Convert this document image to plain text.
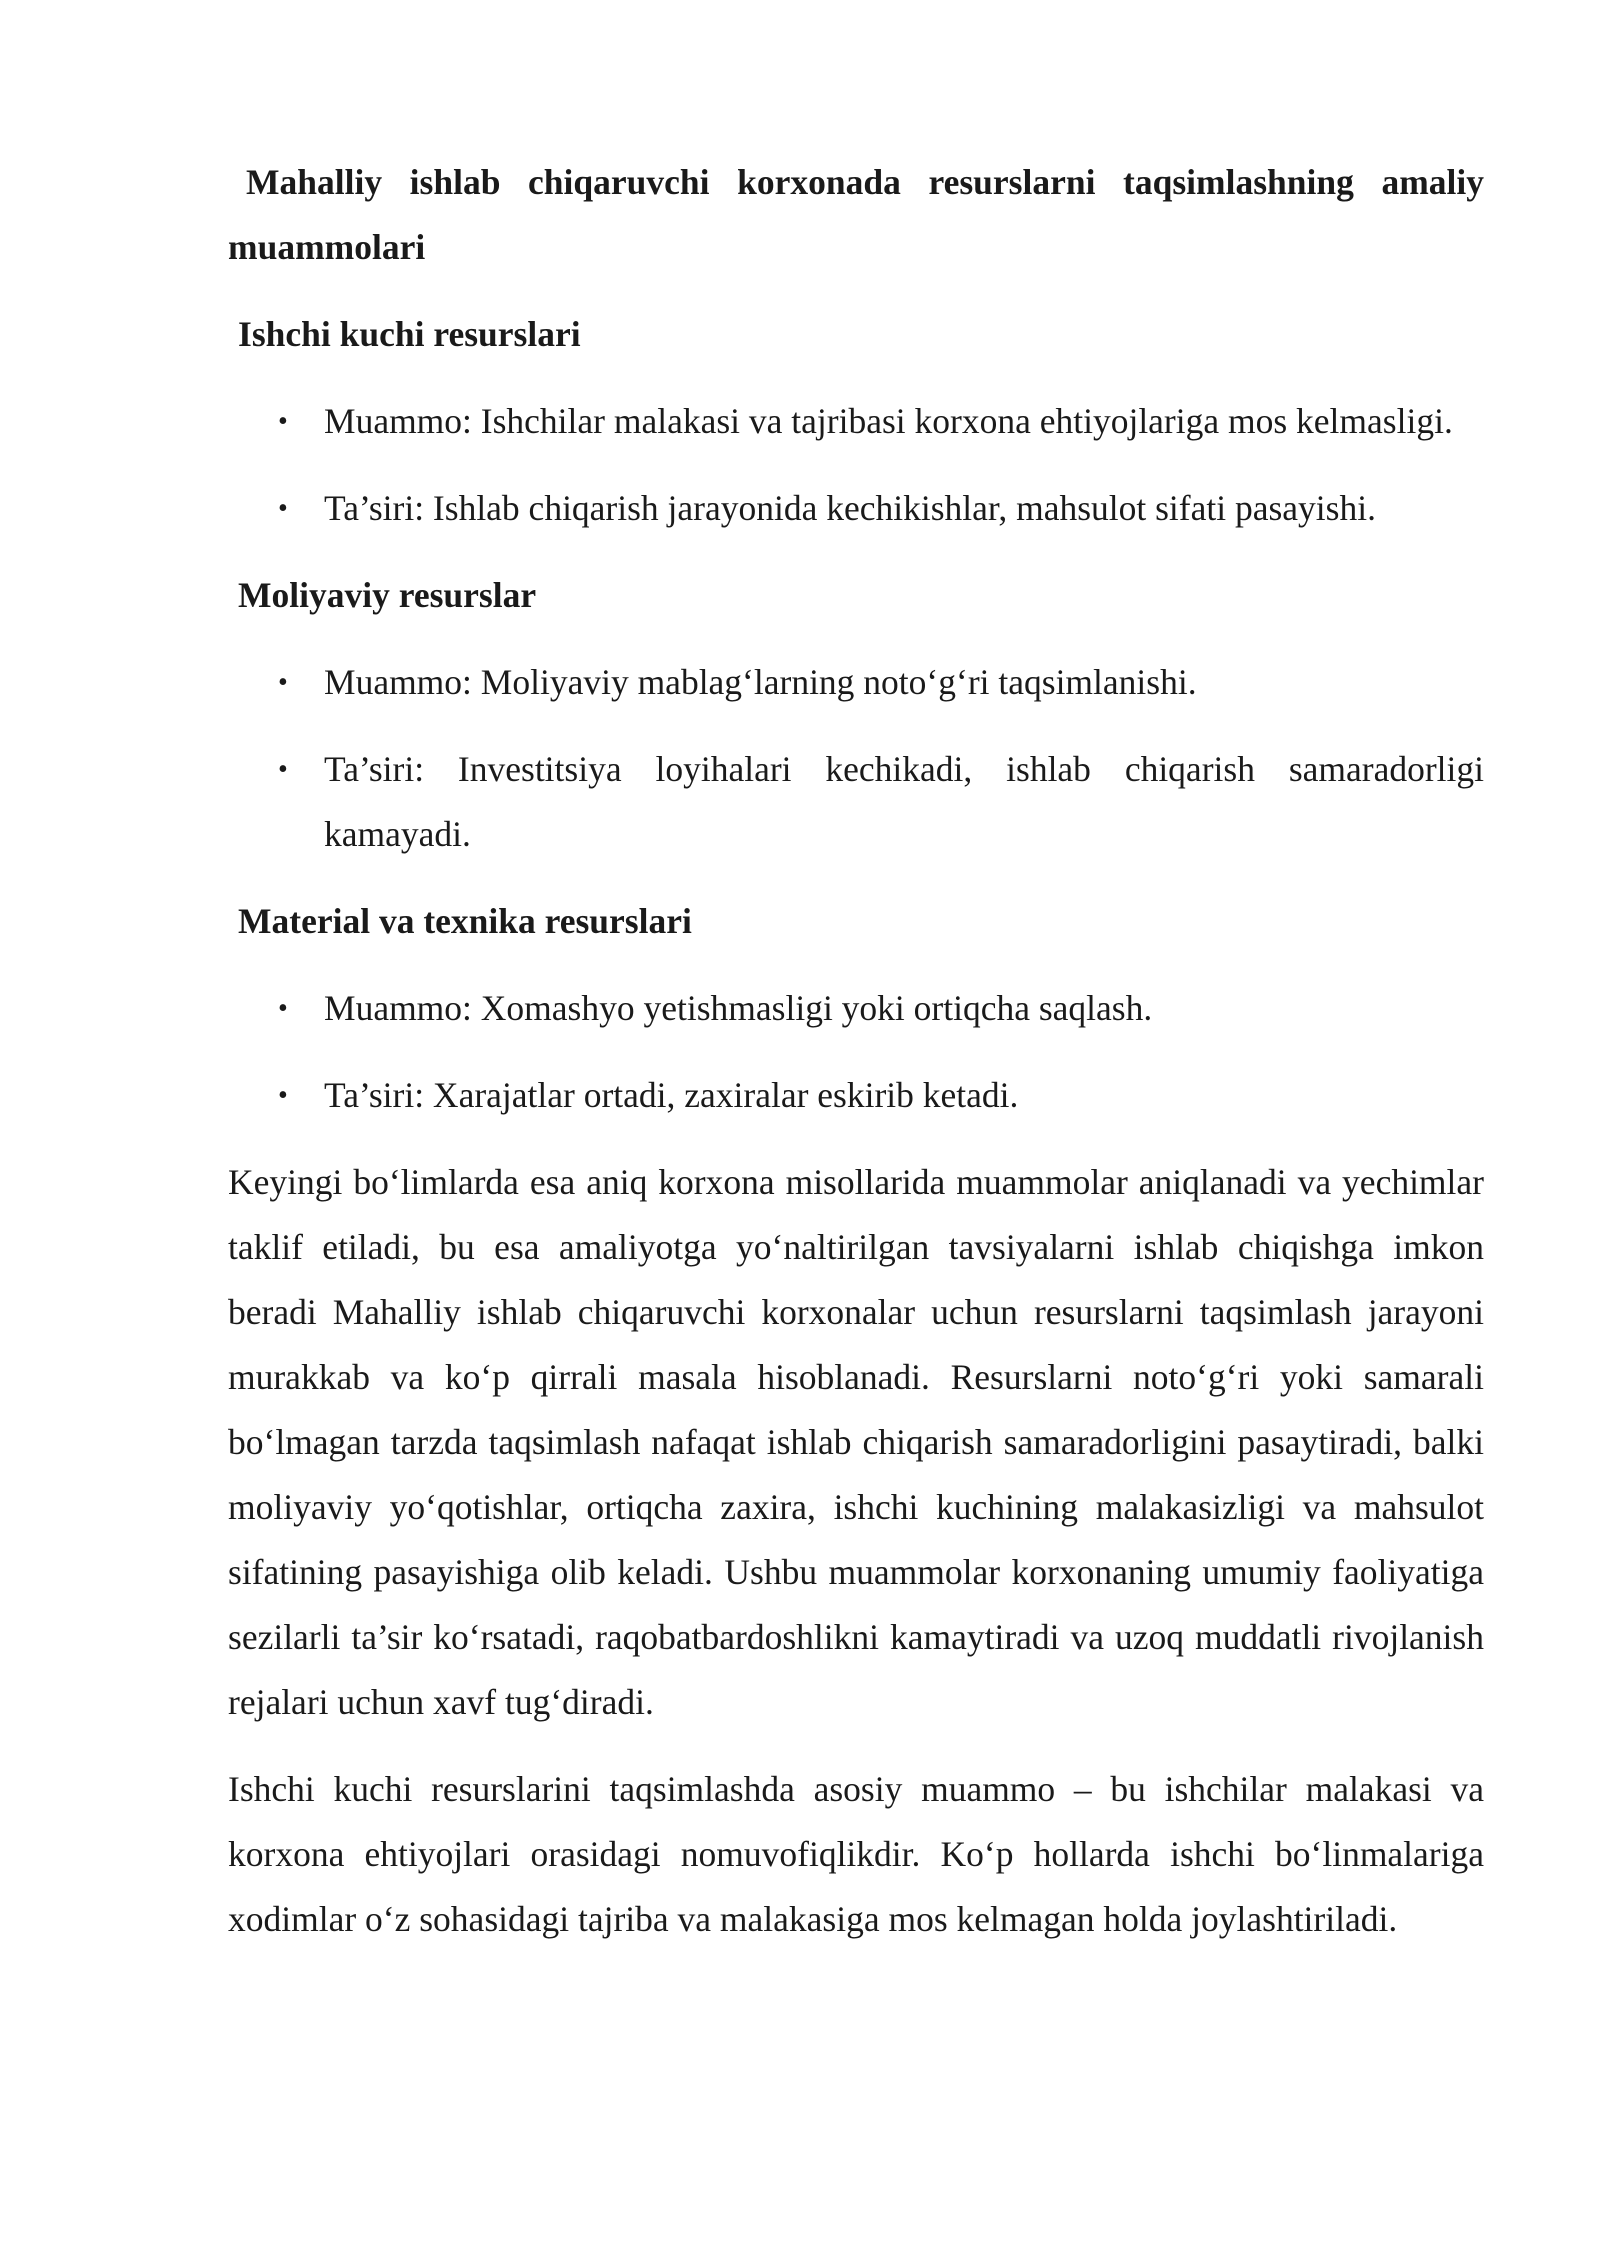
Mahalliy ishlab chiqaruvchi korxonada resurslarni taqsimlashning amaliy muammolari
Ishchi kuchi resurslari
• Muammo: Ishchilar malakasi va tajribasi korxona ehtiyojlariga mos kelmasligi.
• Ta’siri: Ishlab chiqarish jarayonida kechikishlar, mahsulot sifati pasayishi.
Moliyaviy resurslar
• Muammo: Moliyaviy mablag‘larning noto‘g‘ri taqsimlanishi.
• Ta’siri: Investitsiya loyihalari kechikadi, ishlab chiqarish samaradorligi kamayadi.
Material va texnika resurslari
• Muammo: Xomashyo yetishmasligi yoki ortiqcha saqlash.
• Ta’siri: Xarajatlar ortadi, zaxiralar eskirib ketadi.

Keyingi bo‘limlarda esa aniq korxona misollarida muammolar aniqlanadi va yechimlar taklif etiladi, bu esa amaliyotga yo‘naltirilgan tavsiyalarni ishlab chiqishga imkon beradi Mahalliy ishlab chiqaruvchi korxonalar uchun resurslarni taqsimlash jarayoni murakkab va ko‘p qirrali masala hisoblanadi. Resurslarni noto‘g‘ri yoki samarali bo‘lmagan tarzda taqsimlash nafaqat ishlab chiqarish samaradorligini pasaytiradi, balki moliyaviy yo‘qotishlar, ortiqcha zaxira, ishchi kuchining malakasizligi va mahsulot sifatining pasayishiga olib keladi. Ushbu muammolar korxonaning umumiy faoliyatiga sezilarli ta’sir ko‘rsatadi, raqobatbardoshlikni kamaytiradi va uzoq muddatli rivojlanish rejalari uchun xavf tug‘diradi.

Ishchi kuchi resurslarini taqsimlashda asosiy muammo – bu ishchilar malakasi va korxona ehtiyojlari orasidagi nomuvofiqlikdir. Ko‘p hollarda ishchi bo‘linmalariga xodimlar o‘z sohasidagi tajriba va malakasiga mos kelmagan holda joylashtiriladi.
